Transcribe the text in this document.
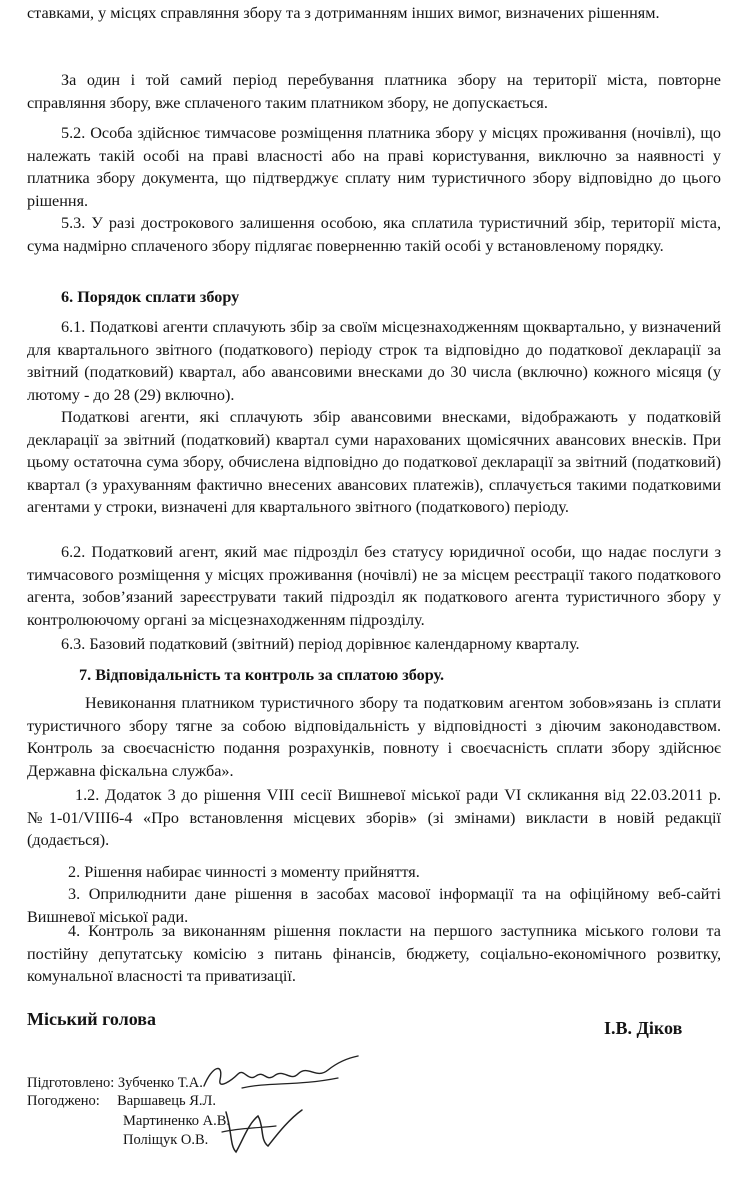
ставками, у місцях справляння збору та з дотриманням інших вимог, визначених рішенням.

За один і той самий період перебування платника збору на території міста, повторне справляння збору, вже сплаченого таким платником збору, не допускається.

5.2. Особа здійснює тимчасове розміщення платника збору у місцях проживання (ночівлі), що належать такій особі на праві власності або на праві користування, виключно за наявності у платника збору документа, що підтверджує сплату ним туристичного збору відповідно до цього рішення.

5.3. У разі дострокового залишення особою, яка сплатила туристичний збір, території міста, сума надмірно сплаченого збору підлягає поверненню такій особі у встановленому порядку.

6. Порядок сплати збору

6.1. Податкові агенти сплачують збір за своїм місцезнаходженням щоквартально, у визначений для квартального звітного (податкового) періоду строк та відповідно до податкової декларації за звітний (податковий) квартал, або авансовими внесками до 30 числа (включно) кожного місяця (у лютому - до 28 (29) включно).

Податкові агенти, які сплачують збір авансовими внесками, відображають у податковій декларації за звітний (податковий) квартал суми нарахованих щомісячних авансових внесків. При цьому остаточна сума збору, обчислена відповідно до податкової декларації за звітний (податковий) квартал (з урахуванням фактично внесених авансових платежів), сплачується такими податковими агентами у строки, визначені для квартального звітного (податкового) періоду.

6.2. Податковий агент, який має підрозділ без статусу юридичної особи, що надає послуги з тимчасового розміщення у місцях проживання (ночівлі) не за місцем реєстрації такого податкового агента, зобов’язаний зареєструвати такий підрозділ як податкового агента туристичного збору у контролюючому органі за місцезнаходженням підрозділу.

6.3. Базовий податковий (звітний) період дорівнює календарному кварталу.

7. Відповідальність та контроль за сплатою збору.

Невиконання платником туристичного збору та податковим агентом зобов»язань із сплати туристичного збору тягне за собою відповідальність у відповідності з діючим законодавством. Контроль за своєчасністю подання розрахунків, повноту і своєчасність сплати збору здійснює Державна фіскальна служба».

1.2. Додаток 3 до рішення VIII сесії Вишневої міської ради VI скликання від 22.03.2011 р. №1-01/VIII6-4 «Про встановлення місцевих зборів» (зі змінами) викласти в новій редакції (додається).

2. Рішення набирає чинності з моменту прийняття.

3. Оприлюднити дане рішення в засобах масової інформації та на офіційному веб-сайті Вишневої міської ради.

4. Контроль за виконанням рішення покласти на першого заступника міського голови та постійну депутатську комісію з питань фінансів, бюджету, соціально-економічного розвитку, комунальної власності та приватизації.

Міський голова	І.В. Діков
Підготовлено: Зубченко Т.А.
Погоджено: Варшавець Я.Л.
Мартиненко А.В.
Поліщук О.В.
